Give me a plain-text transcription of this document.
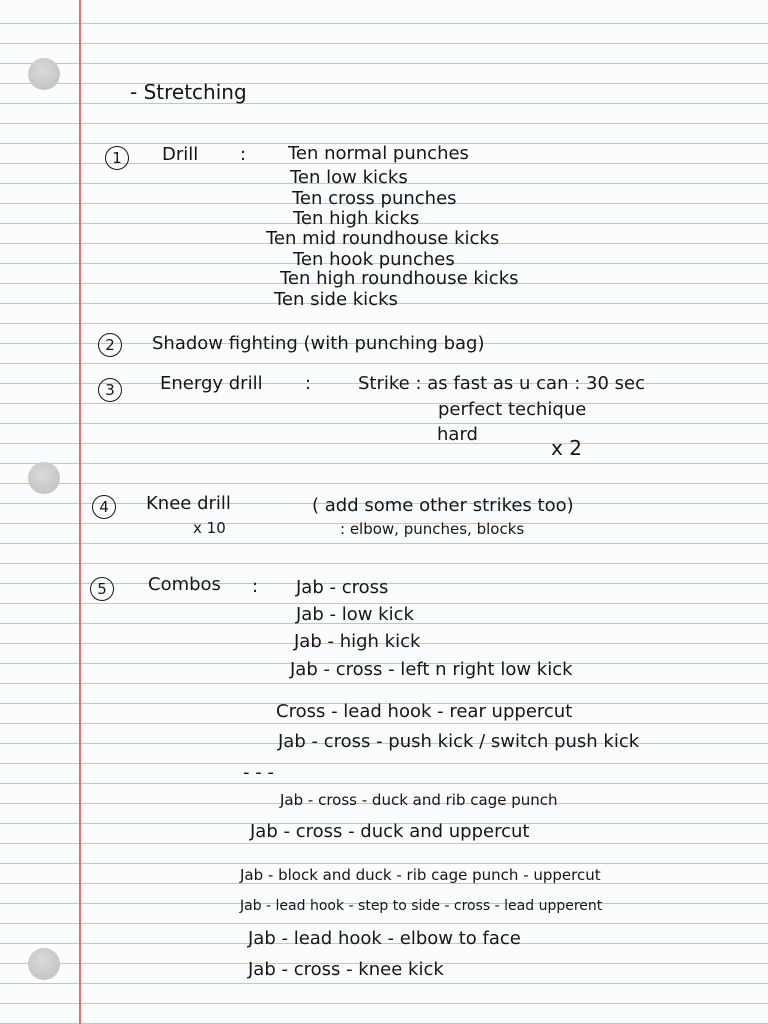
- Stretching
1	Drill : Ten normal punches
Ten low kicks
Ten cross punches
Ten high kicks
Ten mid roundhouse kicks
Ten hook punches
Ten high roundhouse kicks
Ten side kicks
2	Shadow fighting (with punching bag)
3	Energy drill :	Strike : as fast as u can : 30 sec
perfect techique
hard
x 2
4	Knee drill	( add some other strikes too)
x 10	: elbow, punches, blocks
5	Combos : Jab - cross
Jab - low kick
Jab - high kick
Jab - cross - left n right low kick
Cross - lead hook - rear uppercut
Jab - cross - push kick / switch push kick
- - -
Jab - cross - duck and rib cage punch
Jab - cross - duck and uppercut
Jab - block and duck - rib cage punch - uppercut
Jab - lead hook - step to side - cross - lead upperent
Jab - lead hook - elbow to face
Jab - cross - knee kick
